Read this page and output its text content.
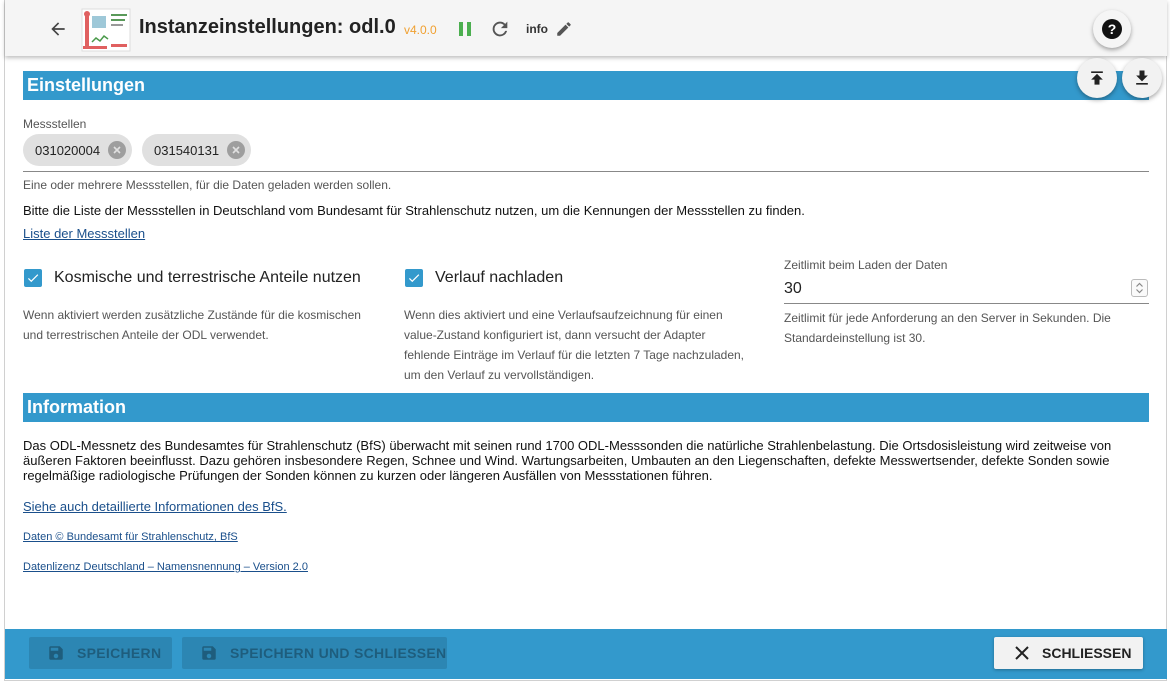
Instanzeinstellungen: odl.0 v4.0.0	info	?
Einstellungen
Messstellen
031020004	031540131
Eine oder mehrere Messstellen, für die Daten geladen werden sollen.
Bitte die Liste der Messstellen in Deutschland vom Bundesamt für Strahlenschutz nutzen, um die Kennungen der Messstellen zu finden.
Liste der Messstellen
Kosmische und terrestrische Anteile nutzen
Wenn aktiviert werden zusätzliche Zustände für die kosmischen
und terrestrischen Anteile der ODL verwendet.
Verlauf nachladen
Wenn dies aktiviert und eine Verlaufsaufzeichnung für einen
value-Zustand konfiguriert ist, dann versucht der Adapter
fehlende Einträge im Verlauf für die letzten 7 Tage nachzuladen,
um den Verlauf zu vervollständigen.
Zeitlimit beim Laden der Daten
30
Zeitlimit für jede Anforderung an den Server in Sekunden. Die
Standardeinstellung ist 30.
Information
Das ODL-Messnetz des Bundesamtes für Strahlenschutz (BfS) überwacht mit seinen rund 1700 ODL-Messsonden die natürliche Strahlenbelastung. Die Ortsdosisleistung wird zeitweise von
äußeren Faktoren beeinflusst. Dazu gehören insbesondere Regen, Schnee und Wind. Wartungsarbeiten, Umbauten an den Liegenschaften, defekte Messwertsender, defekte Sonden sowie
regelmäßige radiologische Prüfungen der Sonden können zu kurzen oder längeren Ausfällen von Messstationen führen.
Siehe auch detaillierte Informationen des BfS.
Daten © Bundesamt für Strahlenschutz, BfS
Datenlizenz Deutschland – Namensnennung – Version 2.0
SPEICHERN	SPEICHERN UND SCHLIESSEN	SCHLIESSEN
